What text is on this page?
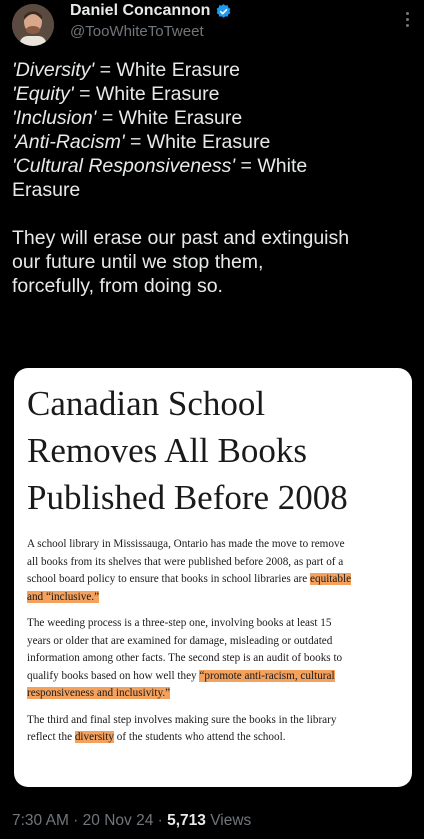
Daniel Concannon
@TooWhiteToTweet
'Diversity' = White Erasure
'Equity' = White Erasure
'Inclusion' = White Erasure
'Anti-Racism' = White Erasure
'Cultural Responsiveness' = White
Erasure
They will erase our past and extinguish
our future until we stop them,
forcefully, from doing so.
Canadian School
Removes All Books
Published Before 2008

A school library in Mississauga, Ontario has made the move to remove
all books from its shelves that were published before 2008, as part of a
school board policy to ensure that books in school libraries are equitable
and “inclusive.”

The weeding process is a three-step one, involving books at least 15
years or older that are examined for damage, misleading or outdated
information among other facts. The second step is an audit of books to
qualify books based on how well they “promote anti-racism, cultural
responsiveness and inclusivity.”

The third and final step involves making sure the books in the library
reflect the diversity of the students who attend the school.

7:30 AM · 20 Nov 24 · 5,713 Views
